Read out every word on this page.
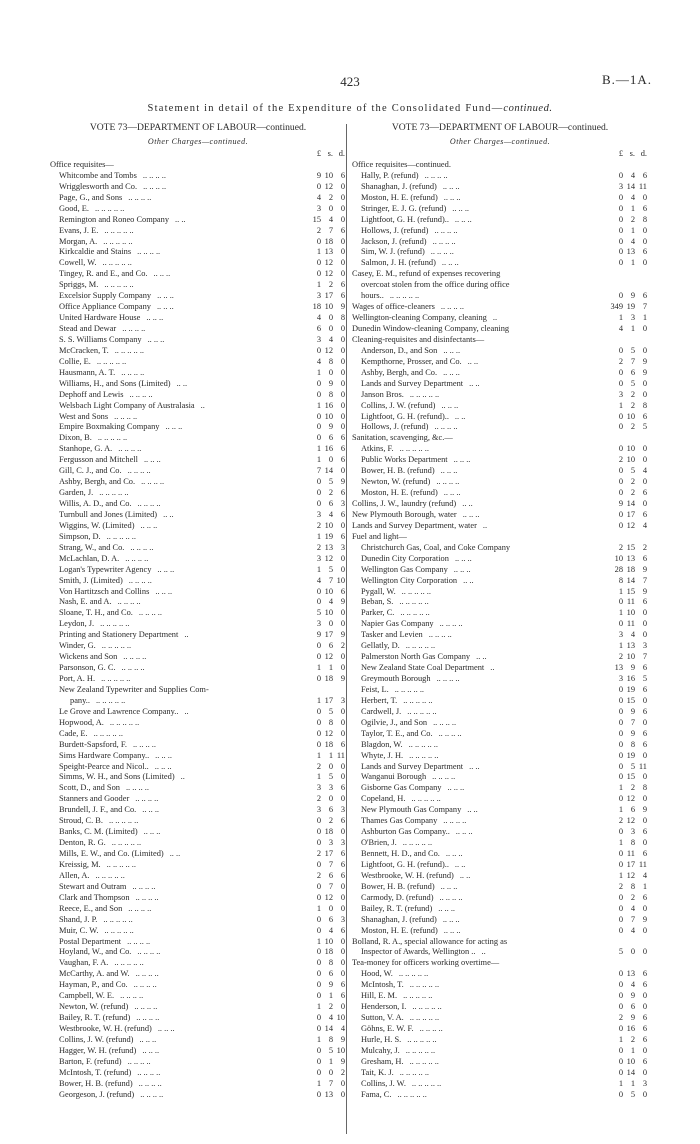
423	B.—1A.
Statement in detail of the Expenditure of the Consolidated Fund—continued.
VOTE 73—DEPARTMENT OF LABOUR—continued.
Other Charges—continued.
£ s. d.
Office requisites—
Whitcombe and Tombs .. .. .. ..	9 10 6
Wrigglesworth and Co. .. .. .. ..	0 12 0
Page, G., and Sons .. .. .. ..	4 2 0
Good, E. .. .. .. .. ..	3 0 0
Remington and Roneo Company .. ..	15 4 0
Evans, J. E. .. .. .. .. ..	2 7 6
Morgan, A. .. .. .. .. ..	0 18 0
Kirkcaldie and Stains .. .. .. ..	1 13 0
Cowell, W. .. .. .. .. ..	0 12 0
Tingey, R. and E., and Co. .. .. ..	0 12 0
Spriggs, M. .. .. .. .. ..	1 2 6
Excelsior Supply Company .. .. ..	3 17 6
Office Appliance Company .. .. ..	18 10 9
United Hardware House .. .. ..	4 0 8
Stead and Dewar .. .. .. ..	6 0 0
S. S. Williams Company .. .. ..	3 4 0
McCracken, T. .. .. .. .. ..	0 12 0
Collie, E. .. .. .. .. ..	4 8 0
Hausmann, A. T. .. .. .. ..	1 0 0
Williams, H., and Sons (Limited) .. ..	0 9 0
Dephoff and Lewis .. .. .. ..	0 8 0
Welsbach Light Company of Australasia ..	1 16 0
West and Sons .. .. .. ..	0 10 0
Empire Boxmaking Company .. .. ..	0 9 0
Dixon, B. .. .. .. .. ..	0 6 6
Stanhope, G. A. .. .. .. ..	1 16 6
Fergusson and Mitchell .. .. ..	1 0 6
Gill, C. J., and Co. .. .. .. ..	7 14 0
Ashby, Bergh, and Co. .. .. .. ..	0 5 9
Garden, J. .. .. .. .. ..	0 2 6
Willis, A. D., and Co. .. .. .. ..	0 6 3
Turnbull and Jones (Limited) .. ..	3 4 6
Wiggins, W. (Limited) .. .. ..	2 10 0
Simpson, D. .. .. .. .. ..	1 19 6
Strang, W., and Co. .. .. .. ..	2 13 3
McLachlan, D. A. .. .. .. ..	3 12 0
Logan's Typewriter Agency .. .. ..	1 5 0
Smith, J. (Limited) .. .. .. ..	4 7 10
Von Hartitzsch and Collins .. .. ..	0 10 6
Nash, E. and A. .. .. .. ..	0 4 9
Sloane, T. H., and Co. .. .. .. ..	5 10 0
Leydon, J. .. .. .. .. ..	3 0 0
Printing and Stationery Department ..	9 17 9
Winder, G. .. .. .. .. ..	0 6 2
Wickens and Son .. .. .. ..	0 12 0
Parsonson, G. C. .. .. .. ..	1 1 0
Port, A. H. .. .. .. .. ..	0 18 9
New Zealand Typewriter and Supplies Com-
pany.. .. .. .. .. ..	1 17 3
Le Grove and Lawrence Company.. ..	0 5 0
Hopwood, A. .. .. .. .. ..	0 8 0
Cade, E. .. .. .. .. ..	0 12 0
Burdett-Sapsford, F. .. .. .. ..	0 18 6
Sims Hardware Company.. .. .. ..	1 1 11
Speight-Pearce and Nicol.. .. .. ..	2 0 0
Simms, W. H., and Sons (Limited) ..	1 5 0
Scott, D., and Son .. .. .. ..	3 3 6
Stanners and Gooder .. .. .. ..	2 0 0
Brundell, J. F., and Co. .. .. ..	3 6 3
Stroud, C. B. .. .. .. .. ..	0 2 6
Banks, C. M. (Limited) .. .. ..	0 18 0
Denton, R. G. .. .. .. .. ..	0 3 3
Mills, E. W., and Co. (Limited) .. ..	2 17 6
Kreissig, M. .. .. .. .. ..	0 7 6
Allen, A. .. .. .. .. ..	2 6 6
Stewart and Outram .. .. .. ..	0 7 0
Clark and Thompson .. .. .. ..	0 12 0
Reece, E., and Son .. .. .. ..	1 0 0
Shand, J. P. .. .. .. .. ..	0 6 3
Muir, C. W. .. .. .. .. ..	0 4 6
Postal Department .. .. .. ..	1 10 0
Hoyland, W., and Co. .. .. .. ..	0 18 0
Vaughan, F. A. .. .. .. .. ..	0 8 0
McCarthy, A. and W. .. .. .. ..	0 6 0
Hayman, P., and Co. .. .. .. ..	0 9 6
Campbell, W. E. .. .. .. ..	0 1 6
Newton, W. (refund) .. .. .. ..	1 2 0
Bailey, R. T. (refund) .. .. .. ..	0 4 10
Westbrooke, W. H. (refund) .. .. ..	0 14 4
Collins, J. W. (refund) .. .. ..	1 8 9
Hagger, W. H. (refund) .. .. ..	0 5 10
Barton, F. (refund) .. .. .. ..	0 1 9
McIntosh, T. (refund) .. .. .. ..	0 0 2
Bower, H. B. (refund) .. .. .. ..	1 7 0
Georgeson, J. (refund) .. .. .. ..	0 13 0
VOTE 73—DEPARTMENT OF LABOUR—continued.
Other Charges—continued.
£ s. d.
Office requisites—continued.
Hally, P. (refund) .. .. .. ..	0 4 6
Shanaghan, J. (refund) .. .. ..	3 14 11
Moston, H. E. (refund) .. .. ..	0 4 0
Stringer, E. J. G. (refund) .. .. ..	0 1 6
Lightfoot, G. H. (refund).. .. .. ..	0 2 8
Hollows, J. (refund) .. .. .. ..	0 1 0
Jackson, J. (refund) .. .. .. ..	0 4 0
Sim, W. J. (refund) .. .. .. ..	0 13 6
Salmon, J. H. (refund) .. .. ..	0 1 0
Casey, E. M., refund of expenses recovering
overcoat stolen from the office during office
hours.. .. .. .. .. ..	0 9 6
Wages of office-cleaners .. .. .. ..	349 19 7
Wellington-cleaning Company, cleaning ..	1 3 1
Dunedin Window-cleaning Company, cleaning	4 1 0
Cleaning-requisites and disinfectants—
Anderson, D., and Son .. .. ..	0 5 0
Kempthorne, Prosser, and Co. .. ..	2 7 9
Ashby, Bergh, and Co. .. .. ..	0 6 9
Lands and Survey Department .. ..	0 5 0
Janson Bros. .. .. .. .. ..	3 2 0
Collins, J. W. (refund) .. .. ..	1 2 8
Lightfoot, G. H. (refund).. .. ..	0 10 6
Hollows, J. (refund) .. .. .. ..	0 2 5
Sanitation, scavenging, &c.—
Atkins, F. .. .. .. .. ..	0 10 0
Public Works Department .. .. ..	2 10 0
Bower, H. B. (refund) .. .. ..	0 5 4
Newton, W. (refund) .. .. .. ..	0 2 0
Moston, H. E. (refund) .. .. ..	0 2 6
Collins, J. W., laundry (refund) .. ..	9 14 0
New Plymouth Borough, water .. .. ..	0 17 6
Lands and Survey Department, water ..	0 12 4
Fuel and light—
Christchurch Gas, Coal, and Coke Company	2 15 2
Dunedin City Corporation .. .. ..	10 13 6
Wellington Gas Company .. .. ..	28 18 9
Wellington City Corporation .. ..	8 14 7
Pygall, W. .. .. .. .. ..	1 15 9
Beban, S. .. .. .. .. ..	0 11 6
Parker, C. .. .. .. .. ..	1 10 0
Napier Gas Company .. .. .. ..	0 11 0
Tasker and Levien .. .. .. ..	3 4 0
Gellatly, D. .. .. .. .. ..	1 13 3
Palmerston North Gas Company .. ..	2 10 7
New Zealand State Coal Department ..	13 9 6
Greymouth Borough .. .. .. ..	3 16 5
Feist, L. .. .. .. .. ..	0 19 6
Herbert, T. .. .. .. .. ..	0 15 0
Cardwell, J. .. .. .. .. ..	0 9 6
Ogilvie, J., and Son .. .. .. ..	0 7 0
Taylor, T. E., and Co. .. .. .. ..	0 9 6
Blagdon, W. .. .. .. .. ..	0 8 6
Whyte, J. H. .. .. .. .. ..	0 19 0
Lands and Survey Department .. ..	0 5 11
Wanganui Borough .. .. .. ..	0 15 0
Gisborne Gas Company .. .. ..	1 2 8
Copeland, H. .. .. .. .. ..	0 12 0
New Plymouth Gas Company .. ..	1 6 9
Thames Gas Company .. .. .. ..	2 12 0
Ashburton Gas Company.. .. .. ..	0 3 6
O'Brien, J. .. .. .. .. ..	1 8 0
Bennett, H. D., and Co. .. .. ..	0 11 6
Lightfoot, G. H. (refund).. .. ..	0 17 11
Westbrooke, W. H. (refund) .. ..	1 12 4
Bower, H. B. (refund) .. .. ..	2 8 1
Carmody, D. (refund) .. .. .. ..	0 2 6
Bailey, R. T. (refund) .. .. ..	0 4 0
Shanaghan, J. (refund) .. .. ..	0 7 9
Moston, H. E. (refund) .. .. ..	0 4 0
Bolland, R. A., special allowance for acting as
Inspector of Awards, Wellington .. ..	5 0 0
Tea-money for officers working overtime—
Hood, W. .. .. .. .. ..	0 13 6
McIntosh, T. .. .. .. .. ..	0 4 6
Hill, E. M. .. .. .. .. ..	0 9 0
Henderson, I. .. .. .. .. ..	0 6 0
Sutton, V. A. .. .. .. .. ..	2 9 6
Göhns, E. W. F. .. .. .. ..	0 16 6
Hurle, H. S. .. .. .. .. ..	1 2 6
Mulcahy, J. .. .. .. .. ..	0 1 0
Gresham, H. .. .. .. .. ..	0 10 6
Tait, K. J. .. .. .. .. ..	0 14 0
Collins, J. W. .. .. .. .. ..	1 1 3
Fama, C. .. .. .. .. ..	0 5 0
